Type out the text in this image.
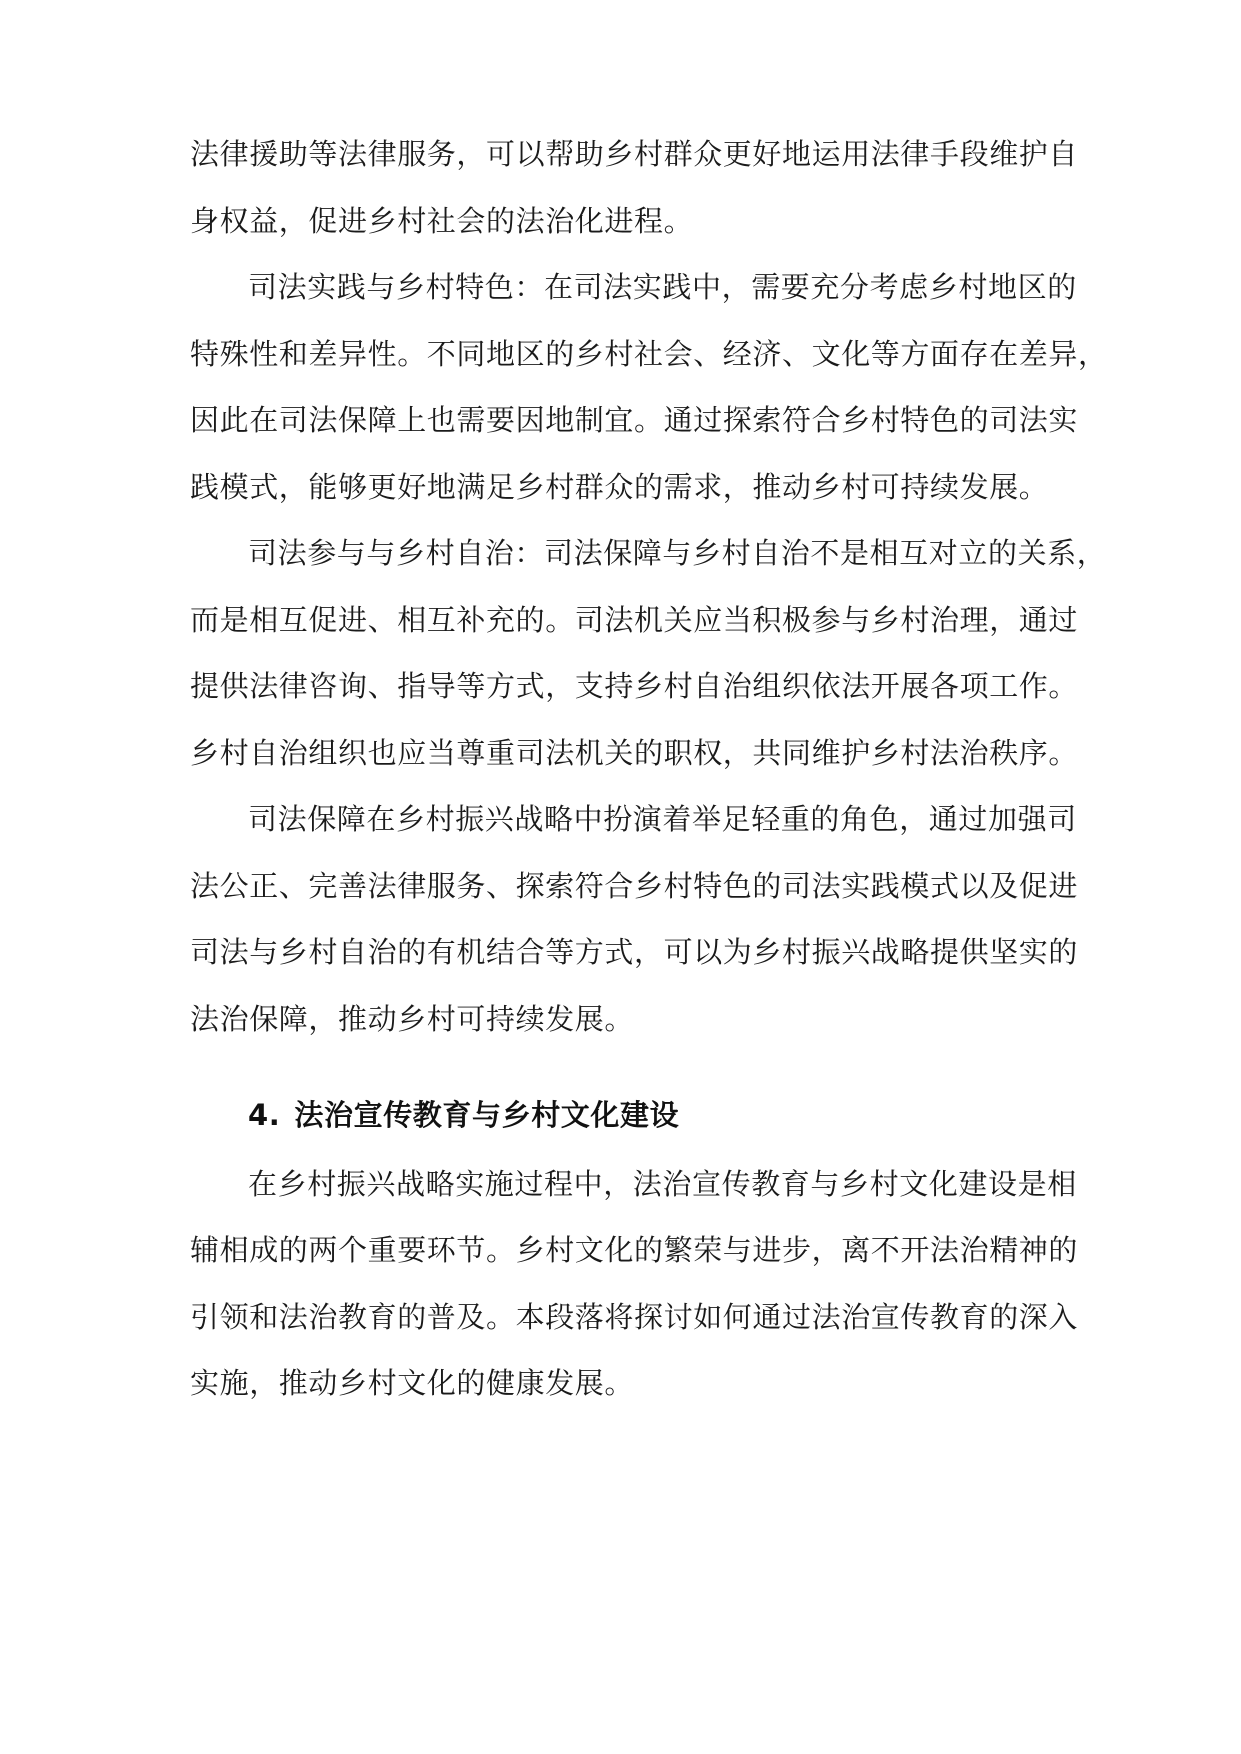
法律援助等法律服务，可以帮助乡村群众更好地运用法律手段维护自
身权益，促进乡村社会的法治化进程。
司法实践与乡村特色：在司法实践中，需要充分考虑乡村地区的
特殊性和差异性。不同地区的乡村社会、经济、文化等方面存在差异，
因此在司法保障上也需要因地制宜。通过探索符合乡村特色的司法实
践模式，能够更好地满足乡村群众的需求，推动乡村可持续发展。
司法参与与乡村自治：司法保障与乡村自治不是相互对立的关系，
而是相互促进、相互补充的。司法机关应当积极参与乡村治理，通过
提供法律咨询、指导等方式，支持乡村自治组织依法开展各项工作。
乡村自治组织也应当尊重司法机关的职权，共同维护乡村法治秩序。
司法保障在乡村振兴战略中扮演着举足轻重的角色，通过加强司
法公正、完善法律服务、探索符合乡村特色的司法实践模式以及促进
司法与乡村自治的有机结合等方式，可以为乡村振兴战略提供坚实的
法治保障，推动乡村可持续发展。
4. 法治宣传教育与乡村文化建设
在乡村振兴战略实施过程中，法治宣传教育与乡村文化建设是相
辅相成的两个重要环节。乡村文化的繁荣与进步，离不开法治精神的
引领和法治教育的普及。本段落将探讨如何通过法治宣传教育的深入
实施，推动乡村文化的健康发展。
